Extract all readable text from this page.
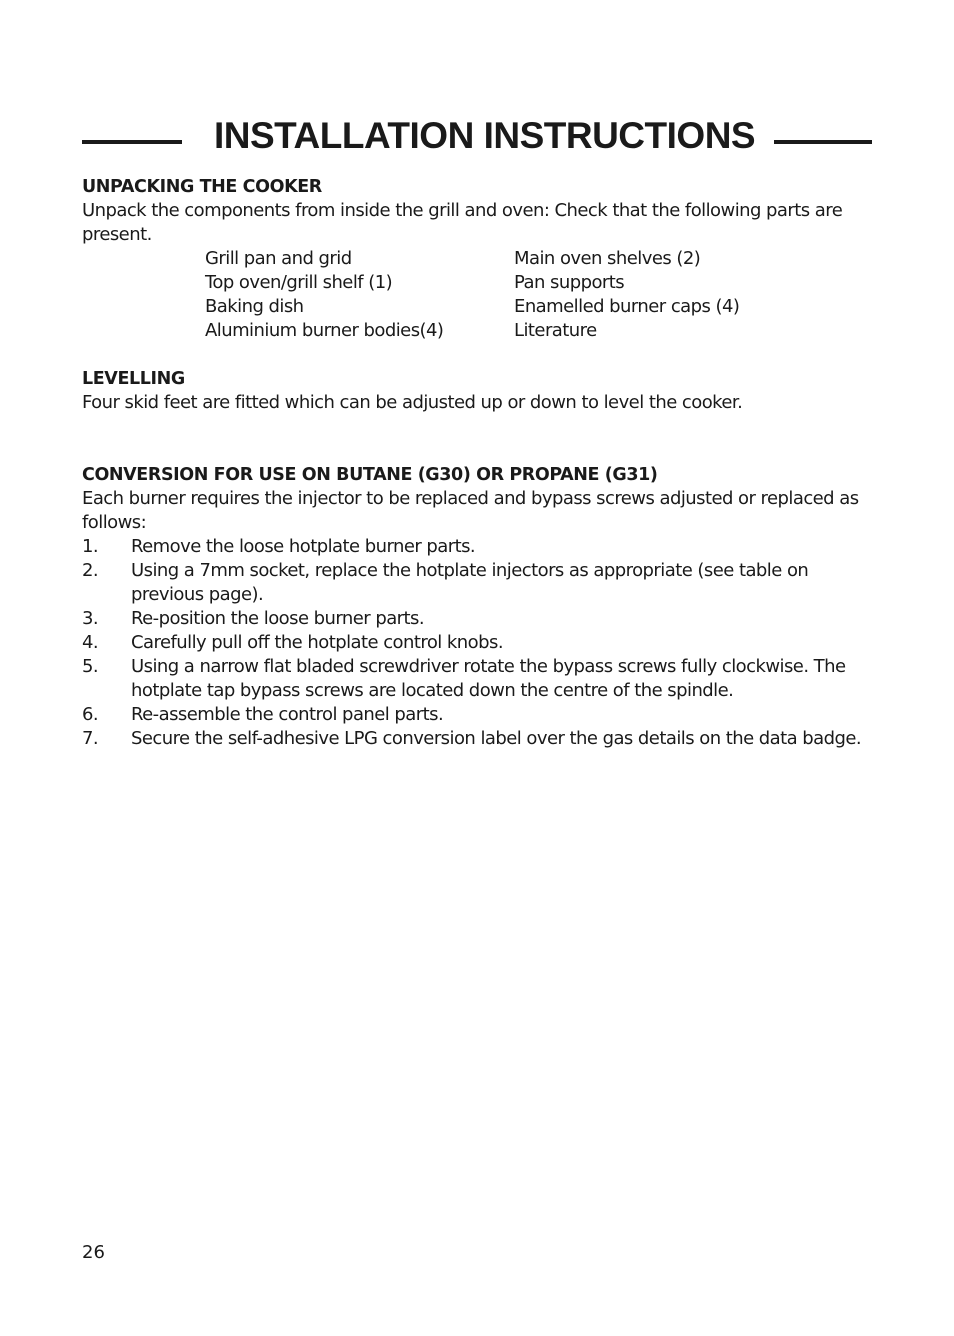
INSTALLATION INSTRUCTIONS
UNPACKING THE COOKER

Unpack the components from inside the grill and oven: Check that the following parts are present.

Grill pan and grid	Main oven shelves (2)
Top oven/grill shelf (1)	Pan supports
Baking dish	Enamelled burner caps (4)
Aluminium burner bodies(4)	Literature
LEVELLING

Four skid feet are fitted which can be adjusted up or down to level the cooker.

CONVERSION FOR USE ON BUTANE (G30) OR PROPANE (G31)

Each burner requires the injector to be replaced and bypass screws adjusted or replaced as follows:

1.	Remove the loose hotplate burner parts.
2.	Using a 7mm socket, replace the hotplate injectors as appropriate (see table on previous page).
3.	Re-position the loose burner parts.
4.	Carefully pull off the hotplate control knobs.
5.	Using a narrow flat bladed screwdriver rotate the bypass screws fully clockwise. The hotplate tap bypass screws are located down the centre of the spindle.
6.	Re-assemble the control panel parts.
7.	Secure the self-adhesive LPG conversion label over the gas details on the data badge.

26
